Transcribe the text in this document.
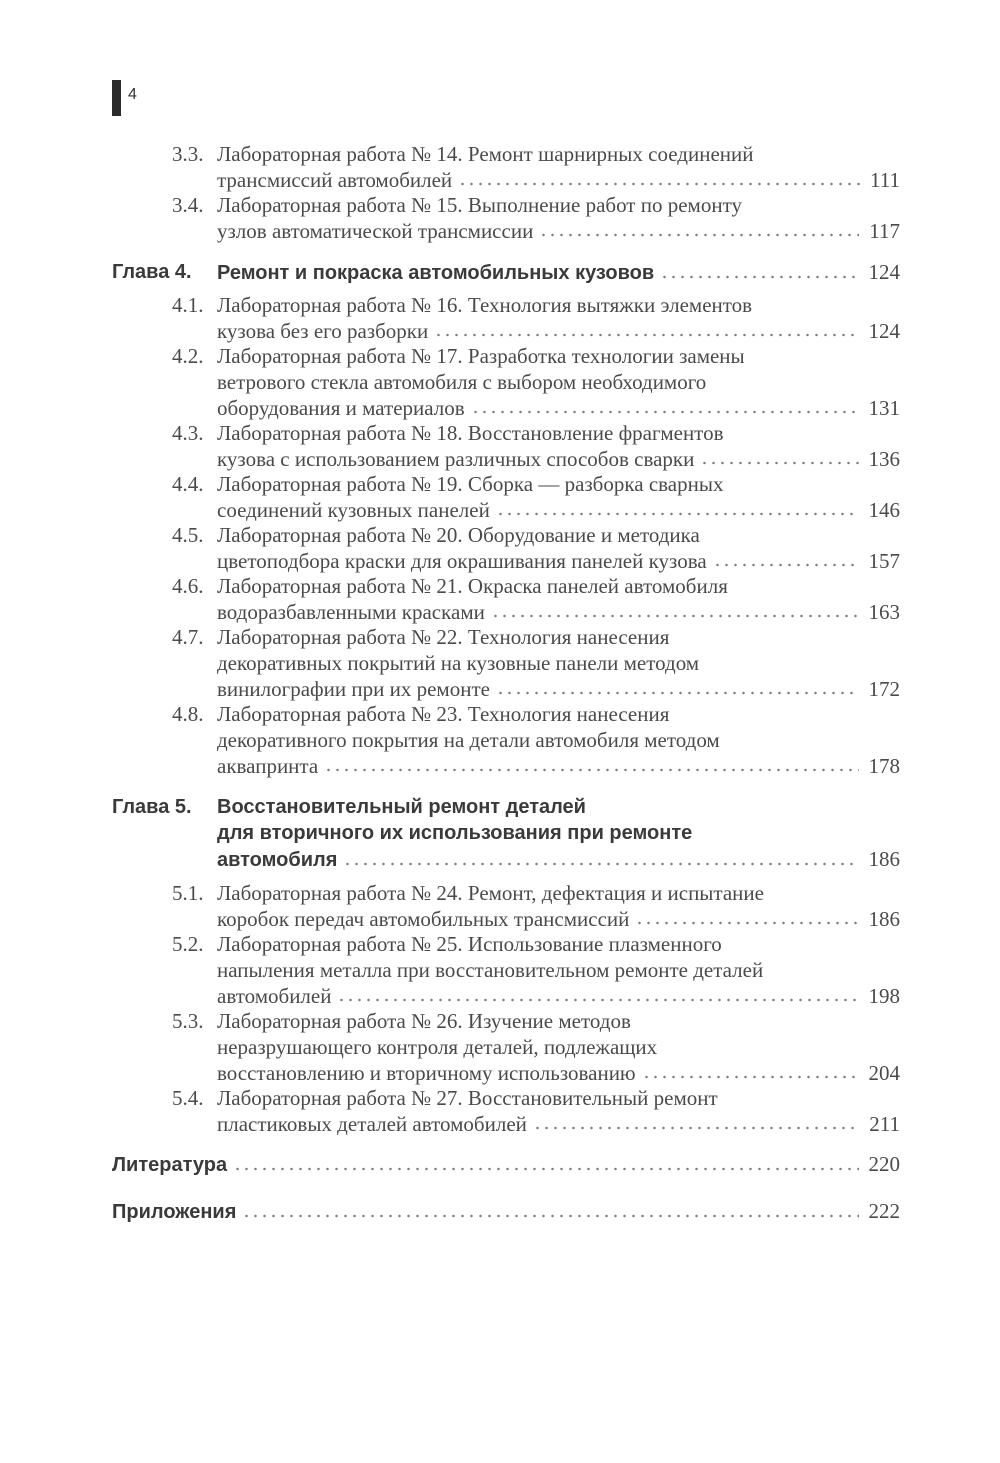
4
3.3. Лабораторная работа № 14. Ремонт шарнирных соединений
трансмиссий автомобилей	111
3.4. Лабораторная работа № 15. Выполнение работ по ремонту
узлов автоматической трансмиссии	117
Глава 4. Ремонт и покраска автомобильных кузовов	124
4.1. Лабораторная работа № 16. Технология вытяжки элементов
кузова без его разборки	124
4.2. Лабораторная работа № 17. Разработка технологии замены
ветрового стекла автомобиля с выбором необходимого
оборудования и материалов	131
4.3. Лабораторная работа № 18. Восстановление фрагментов
кузова с использованием различных способов сварки	136
4.4. Лабораторная работа № 19. Сборка — разборка сварных
соединений кузовных панелей	146
4.5. Лабораторная работа № 20. Оборудование и методика
цветоподбора краски для окрашивания панелей кузова	157
4.6. Лабораторная работа № 21. Окраска панелей автомобиля
водоразбавленными красками	163
4.7. Лабораторная работа № 22. Технология нанесения
декоративных покрытий на кузовные панели методом
винилографии при их ремонте	172
4.8. Лабораторная работа № 23. Технология нанесения
декоративного покрытия на детали автомобиля методом
аквапринта	178
Глава 5. Восстановительный ремонт деталей
для вторичного их использования при ремонте
автомобиля	186
5.1. Лабораторная работа № 24. Ремонт, дефектация и испытание
коробок передач автомобильных трансмиссий	186
5.2. Лабораторная работа № 25. Использование плазменного
напыления металла при восстановительном ремонте деталей
автомобилей	198
5.3. Лабораторная работа № 26. Изучение методов
неразрушающего контроля деталей, подлежащих
восстановлению и вторичному использованию	204
5.4. Лабораторная работа № 27. Восстановительный ремонт
пластиковых деталей автомобилей	211
Литература	220
Приложения	222
